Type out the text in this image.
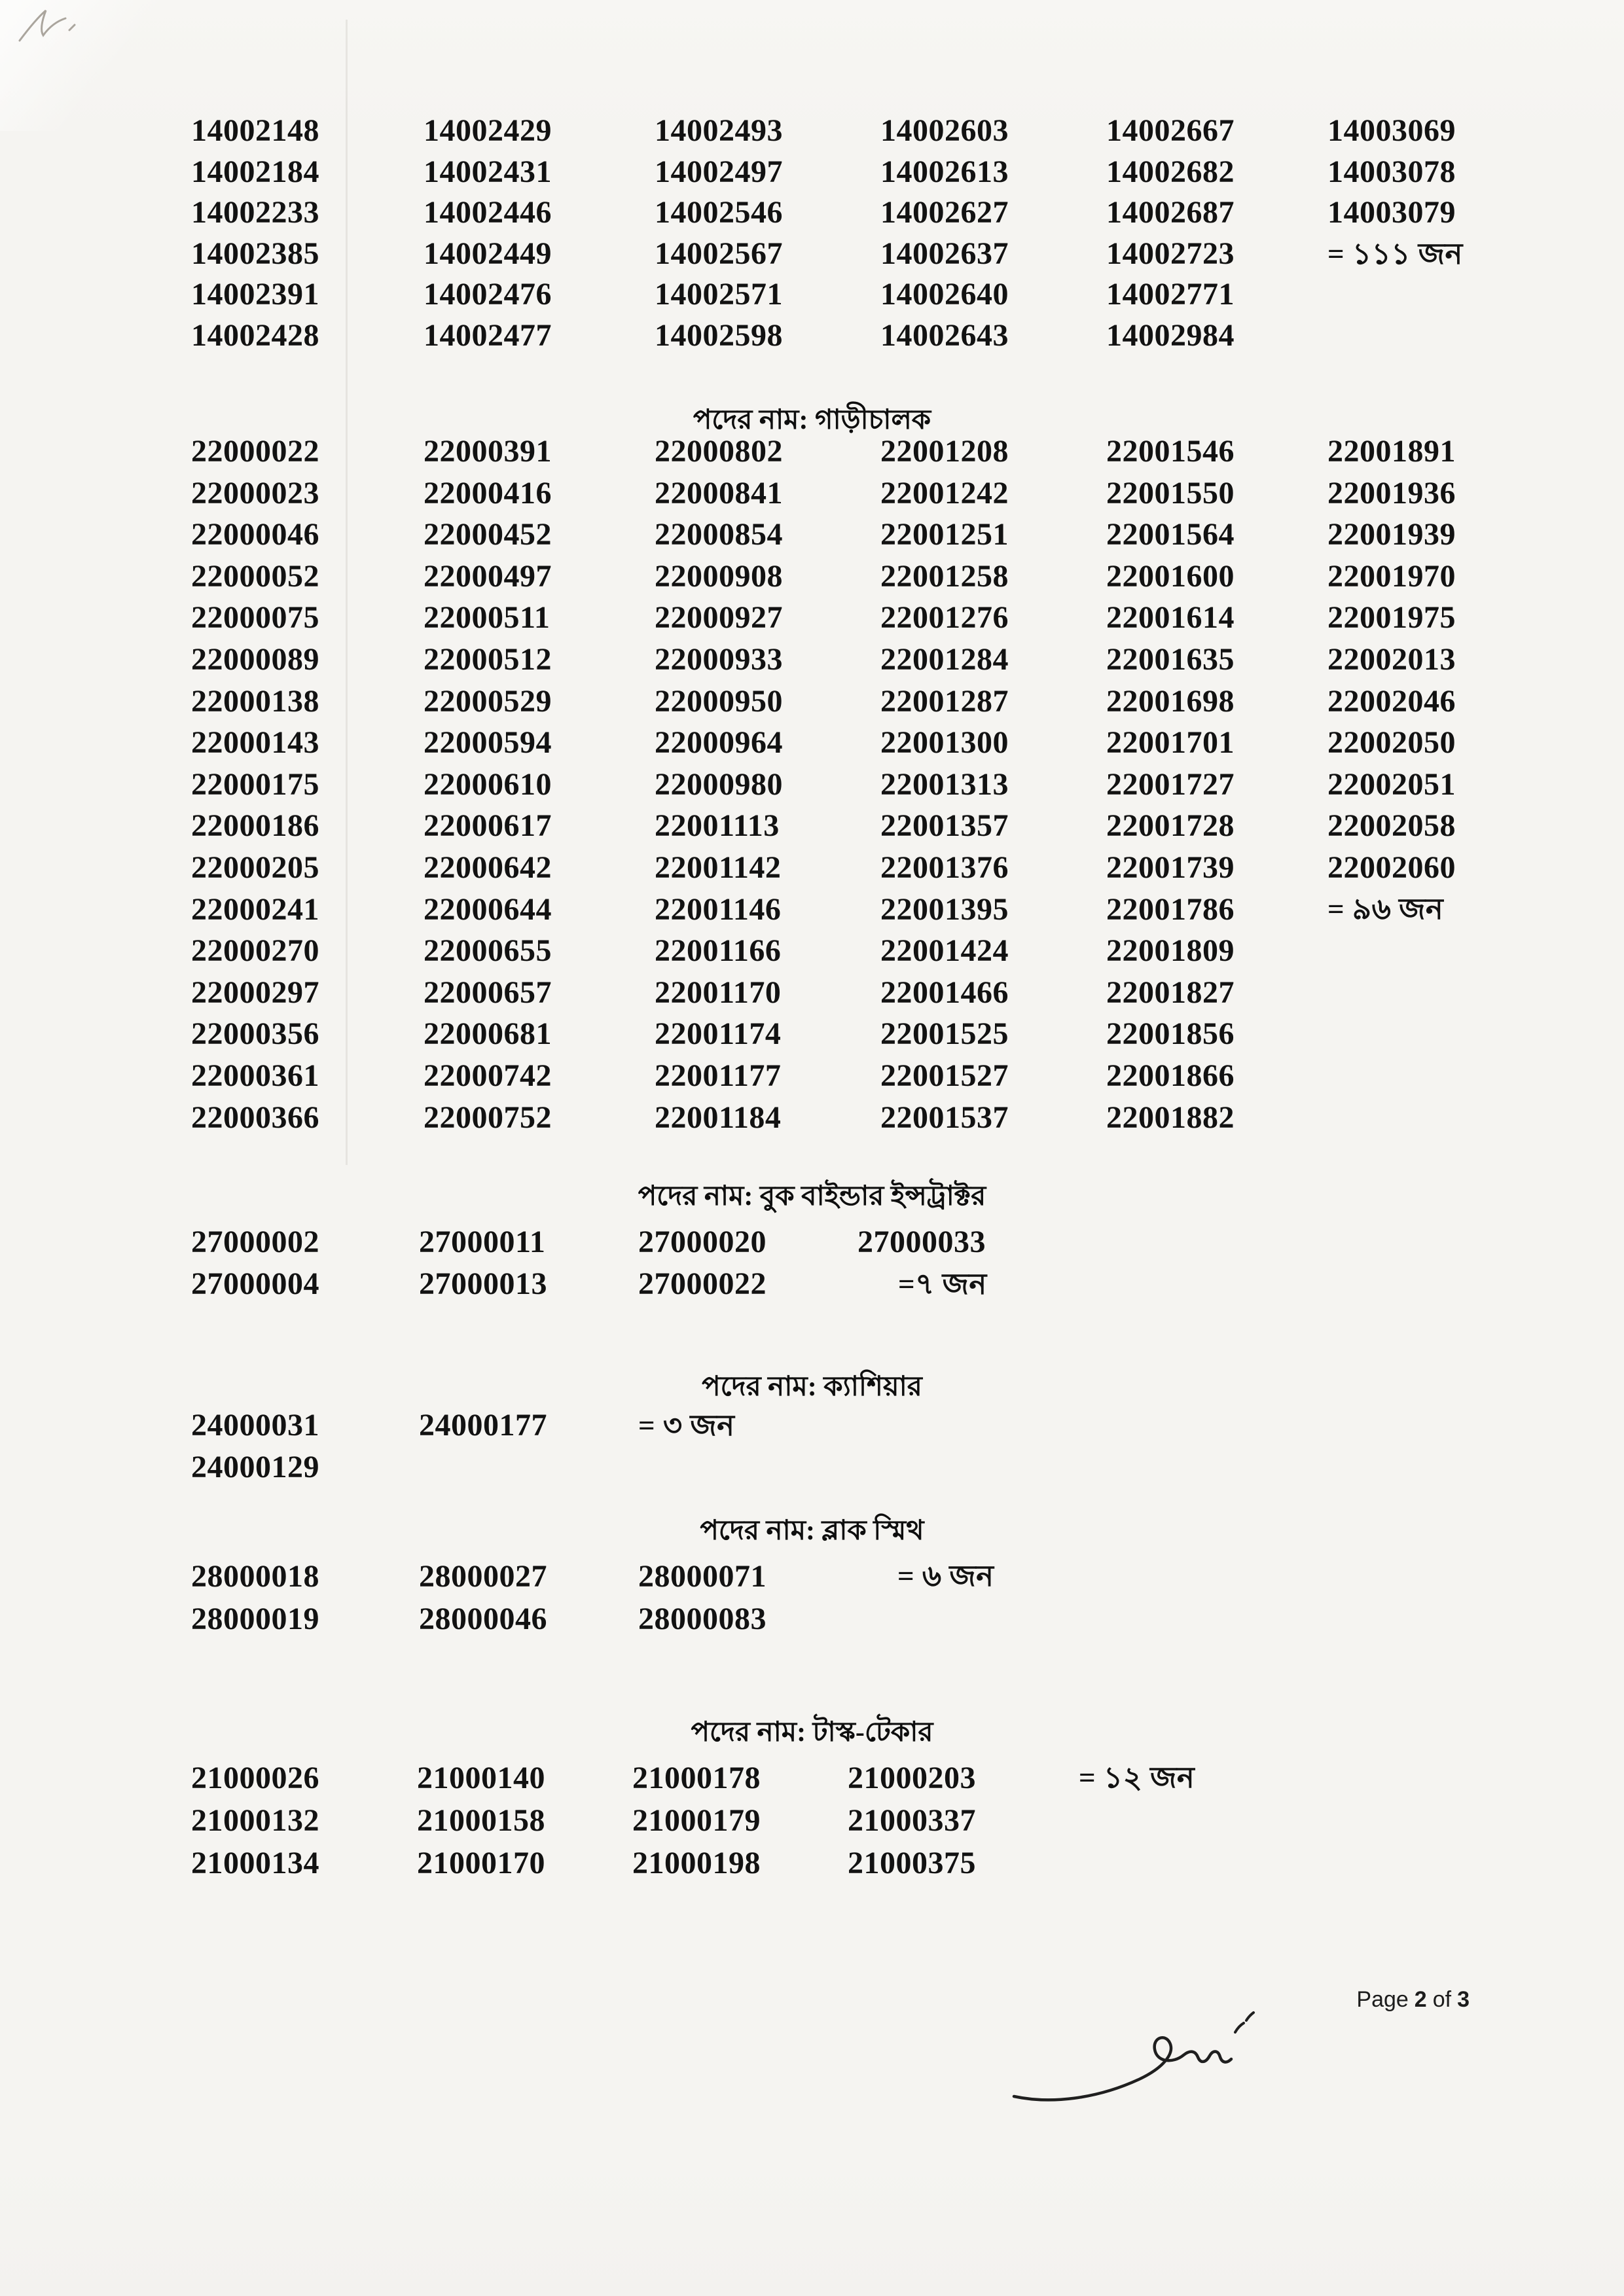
14002148
14002184
14002233
14002385
14002391
14002428
14002429
14002431
14002446
14002449
14002476
14002477
14002493
14002497
14002546
14002567
14002571
14002598
14002603
14002613
14002627
14002637
14002640
14002643
14002667
14002682
14002687
14002723
14002771
14002984
14003069
14003078
14003079
= ১১১ জন
পদের নাম: গাড়ীচালক
22000022
22000023
22000046
22000052
22000075
22000089
22000138
22000143
22000175
22000186
22000205
22000241
22000270
22000297
22000356
22000361
22000366
22000391
22000416
22000452
22000497
22000511
22000512
22000529
22000594
22000610
22000617
22000642
22000644
22000655
22000657
22000681
22000742
22000752
22000802
22000841
22000854
22000908
22000927
22000933
22000950
22000964
22000980
22001113
22001142
22001146
22001166
22001170
22001174
22001177
22001184
22001208
22001242
22001251
22001258
22001276
22001284
22001287
22001300
22001313
22001357
22001376
22001395
22001424
22001466
22001525
22001527
22001537
22001546
22001550
22001564
22001600
22001614
22001635
22001698
22001701
22001727
22001728
22001739
22001786
22001809
22001827
22001856
22001866
22001882
22001891
22001936
22001939
22001970
22001975
22002013
22002046
22002050
22002051
22002058
22002060
= ৯৬ জন
পদের নাম: বুক বাইন্ডার ইন্সট্রাক্টর
27000002
27000004
27000011
27000013
27000020
27000022
27000033
=৭ জন
পদের নাম: ক্যাশিয়ার
24000031
24000129
24000177	= ৩ জন
পদের নাম: ব্লাক স্মিথ
28000018
28000019
28000027
28000046
28000071
28000083
= ৬ জন
পদের নাম: টাস্ক-টেকার
21000026
21000132
21000134
21000140
21000158
21000170
21000178
21000179
21000198
21000203
21000337
21000375
= ১২ জন
Page 2 of 3
